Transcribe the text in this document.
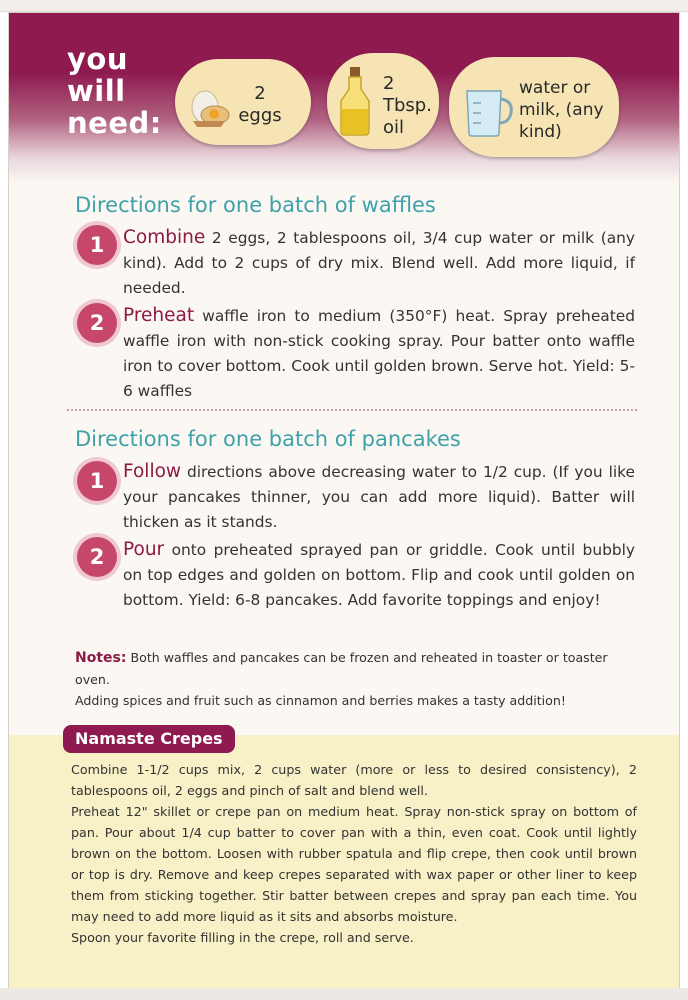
you will need:
2 eggs
2 Tbsp. oil
water or milk, (any kind)
Directions for one batch of waffles
1	Combine 2 eggs, 2 tablespoons oil, 3/4 cup water or milk (any kind). Add to 2 cups of dry mix. Blend well. Add more liquid, if needed.
2	Preheat waffle iron to medium (350°F) heat. Spray preheated waffle iron with non-stick cooking spray. Pour batter onto waffle iron to cover bottom. Cook until golden brown. Serve hot. Yield: 5-6 waffles
Directions for one batch of pancakes
1	Follow directions above decreasing water to 1/2 cup. (If you like your pancakes thinner, you can add more liquid). Batter will thicken as it stands.
2	Pour onto preheated sprayed pan or griddle. Cook until bubbly on top edges and golden on bottom. Flip and cook until golden on bottom. Yield: 6-8 pancakes. Add favorite toppings and enjoy!
Notes: Both waffles and pancakes can be frozen and reheated in toaster or toaster oven.
Adding spices and fruit such as cinnamon and berries makes a tasty addition!
Namaste Crepes

Combine 1-1/2 cups mix, 2 cups water (more or less to desired consistency), 2 tablespoons oil, 2 eggs and pinch of salt and blend well.

Preheat 12" skillet or crepe pan on medium heat. Spray non-stick spray on bottom of pan. Pour about 1/4 cup batter to cover pan with a thin, even coat. Cook until lightly brown on the bottom. Loosen with rubber spatula and flip crepe, then cook until brown or top is dry. Remove and keep crepes separated with wax paper or other liner to keep them from sticking together. Stir batter between crepes and spray pan each time. You may need to add more liquid as it sits and absorbs moisture.

Spoon your favorite filling in the crepe, roll and serve.
